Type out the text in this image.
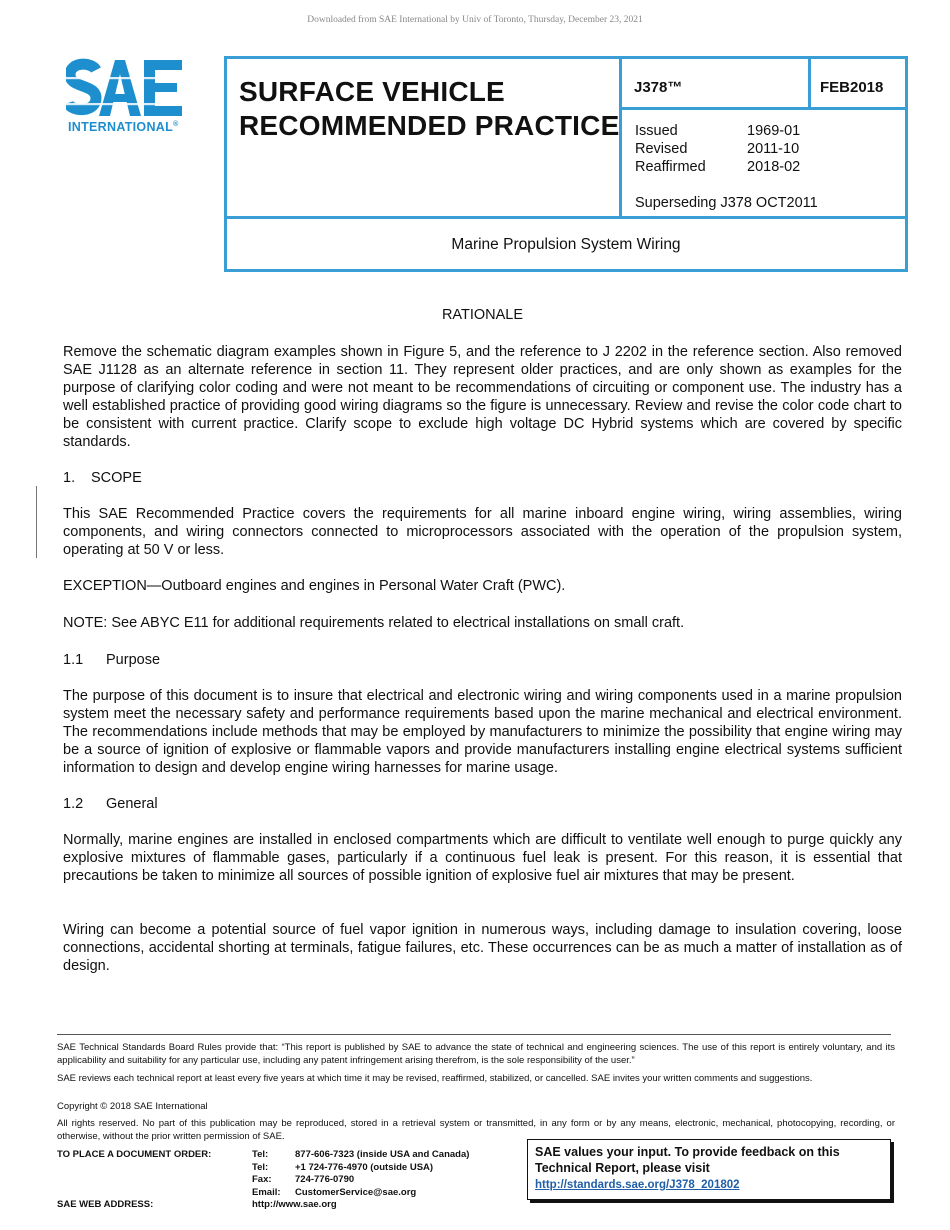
Downloaded from SAE International by Univ of Toronto, Thursday, December 23, 2021
INTERNATIONAL®
SURFACE VEHICLE
RECOMMENDED PRACTICE
J378™	FEB2018
Issued	1969-01
Revised	2011-10
Reaffirmed	2018-02
Superseding J378 OCT2011
Marine Propulsion System Wiring
RATIONALE
Remove the schematic diagram examples shown in Figure 5, and the reference to J 2202 in the reference section. Also removed SAE J1128 as an alternate reference in section 11. They represent older practices, and are only shown as examples for the purpose of clarifying color coding and were not meant to be recommendations of circuiting or component use. The industry has a well established practice of providing good wiring diagrams so the figure is unnecessary. Review and revise the color code chart to be consistent with current practice. Clarify scope to exclude high voltage DC Hybrid systems which are covered by specific standards.
1. SCOPE
This SAE Recommended Practice covers the requirements for all marine inboard engine wiring, wiring assemblies, wiring components, and wiring connectors connected to microprocessors associated with the operation of the propulsion system, operating at 50 V or less.
EXCEPTION—Outboard engines and engines in Personal Water Craft (PWC).
NOTE: See ABYC E11 for additional requirements related to electrical installations on small craft.
1.1 Purpose
The purpose of this document is to insure that electrical and electronic wiring and wiring components used in a marine propulsion system meet the necessary safety and performance requirements based upon the marine mechanical and electrical environment. The recommendations include methods that may be employed by manufacturers to minimize the possibility that engine wiring may be a source of ignition of explosive or flammable vapors and provide manufacturers installing engine electrical systems sufficient information to design and develop engine wiring harnesses for marine usage.
1.2 General
Normally, marine engines are installed in enclosed compartments which are difficult to ventilate well enough to purge quickly any explosive mixtures of flammable gases, particularly if a continuous fuel leak is present. For this reason, it is essential that precautions be taken to minimize all sources of possible ignition of explosive fuel air mixtures that may be present.
Wiring can become a potential source of fuel vapor ignition in numerous ways, including damage to insulation covering, loose connections, accidental shorting at terminals, fatigue failures, etc. These occurrences can be as much a matter of installation as of design.
SAE Technical Standards Board Rules provide that: “This report is published by SAE to advance the state of technical and engineering sciences. The use of this report is entirely voluntary, and its applicability and suitability for any particular use, including any patent infringement arising therefrom, is the sole responsibility of the user.”
SAE reviews each technical report at least every five years at which time it may be revised, reaffirmed, stabilized, or cancelled. SAE invites your written comments and suggestions.
Copyright © 2018 SAE International
All rights reserved. No part of this publication may be reproduced, stored in a retrieval system or transmitted, in any form or by any means, electronic, mechanical, photocopying, recording, or otherwise, without the prior written permission of SAE.
TO PLACE A DOCUMENT ORDER:	Tel:	877-606-7323 (inside USA and Canada)
Tel:	+1 724-776-4970 (outside USA)
Fax: 724-776-0790
Email: CustomerService@sae.org
SAE WEB ADDRESS:	http://www.sae.org
SAE values your input. To provide feedback on this Technical Report, please visit
http://standards.sae.org/J378_201802
